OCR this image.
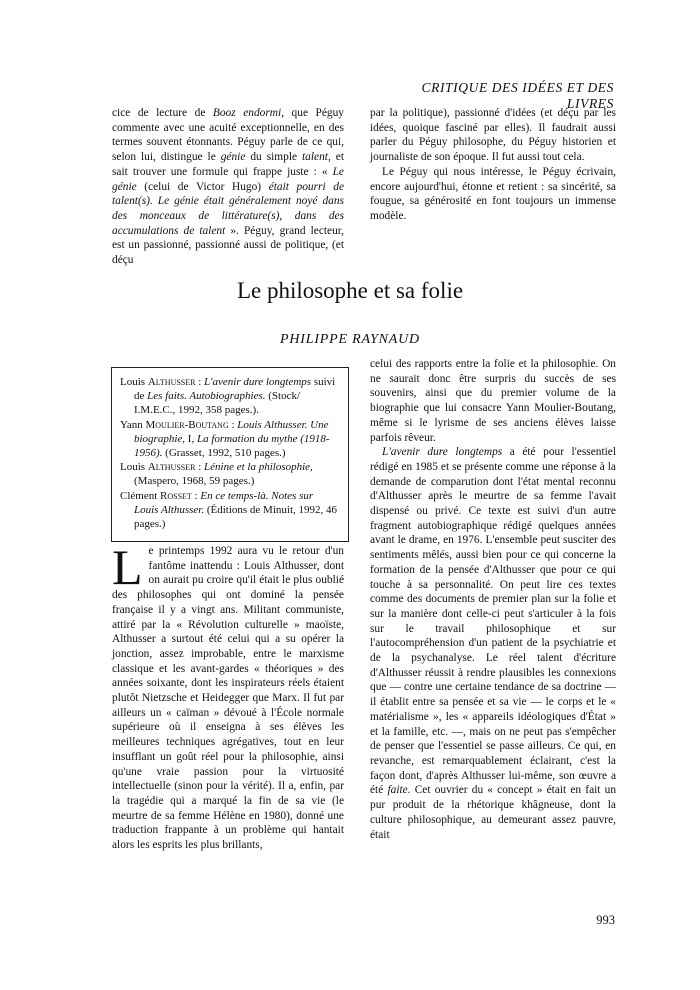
CRITIQUE DES IDÉES ET DES LIVRES

cice de lecture de Booz endormi, que Péguy commente avec une acuité exceptionnelle, en des termes souvent étonnants. Péguy parle de ce qui, selon lui, distingue le génie du simple talent, et sait trouver une formule qui frappe juste : « Le génie (celui de Victor Hugo) était pourri de talent(s). Le génie était généralement noyé dans des monceaux de littérature(s), dans des accumulations de talent ». Péguy, grand lecteur, est un passionné, passionné aussi de politique, (et déçu

par la politique), passionné d'idées (et déçu par les idées, quoique fasciné par elles). Il faudrait aussi parler du Péguy philosophe, du Péguy historien et journaliste de son époque. Il fut aussi tout cela.

Le Péguy qui nous intéresse, le Péguy écrivain, encore aujourd'hui, étonne et retient : sa sincérité, sa fougue, sa générosité en font toujours un immense modèle.

Le philosophe et sa folie
PHILIPPE RAYNAUD

Louis Althusser : L'avenir dure longtemps suivi de Les faits. Autobiographies. (Stock/ I.M.E.C., 1992, 358 pages.).

Yann Moulier-Boutang : Louis Althusser. Une biographie, I, La formation du mythe (1918-1956). (Grasset, 1992, 510 pages.)

Louis Althusser : Lénine et la philosophie, (Maspero, 1968, 59 pages.)

Clément Rosset : En ce temps-là. Notes sur Louis Althusser. (Éditions de Minuit, 1992, 46 pages.)

Le printemps 1992 aura vu le retour d'un fantôme inattendu : Louis Althusser, dont on aurait pu croire qu'il était le plus oublié des philosophes qui ont dominé la pensée française il y a vingt ans. Militant communiste, attiré par la « Révolution culturelle » maoïste, Althusser a surtout été celui qui a su opérer la jonction, assez improbable, entre le marxisme classique et les avant-gardes « théoriques » des années soixante, dont les inspirateurs réels étaient plutôt Nietzsche et Heidegger que Marx. Il fut par ailleurs un « caïman » dévoué à l'École normale supérieure où il enseigna à ses élèves les meilleures techniques agrégatives, tout en leur insufflant un goût réel pour la philosophie, ainsi qu'une vraie passion pour la virtuosité intellectuelle (sinon pour la vérité). Il a, enfin, par la tragédie qui a marqué la fin de sa vie (le meurtre de sa femme Hélène en 1980), donné une traduction frappante à un problème qui hantait alors les esprits les plus brillants,

celui des rapports entre la folie et la philosophie. On ne saurait donc être surpris du succès de ses souvenirs, ainsi que du premier volume de la biographie que lui consacre Yann Moulier-Boutang, même si le lyrisme de ses anciens élèves laisse parfois rêveur.

L'avenir dure longtemps a été pour l'essentiel rédigé en 1985 et se présente comme une réponse à la demande de comparution dont l'état mental reconnu d'Althusser après le meurtre de sa femme l'avait dispensé ou privé. Ce texte est suivi d'un autre fragment autobiographique rédigé quelques années avant le drame, en 1976. L'ensemble peut susciter des sentiments mêlés, aussi bien pour ce qui concerne la formation de la pensée d'Althusser que pour ce qui touche à sa personnalité. On peut lire ces textes comme des documents de premier plan sur la folie et sur la manière dont celle-ci peut s'articuler à la fois sur le travail philosophique et sur l'autocompréhension d'un patient de la psychiatrie et de la psychanalyse. Le réel talent d'écriture d'Althusser réussit à rendre plausibles les connexions que — contre une certaine tendance de sa doctrine — il établit entre sa pensée et sa vie — le corps et le « matérialisme », les « appareils idéologiques d'État » et la famille, etc. —, mais on ne peut pas s'empêcher de penser que l'essentiel se passe ailleurs. Ce qui, en revanche, est remarquablement éclairant, c'est la façon dont, d'après Althusser lui-même, son œuvre a été faite. Cet ouvrier du « concept » était en fait un pur produit de la rhétorique khâgneuse, dont la culture philosophique, au demeurant assez pauvre, était

993
